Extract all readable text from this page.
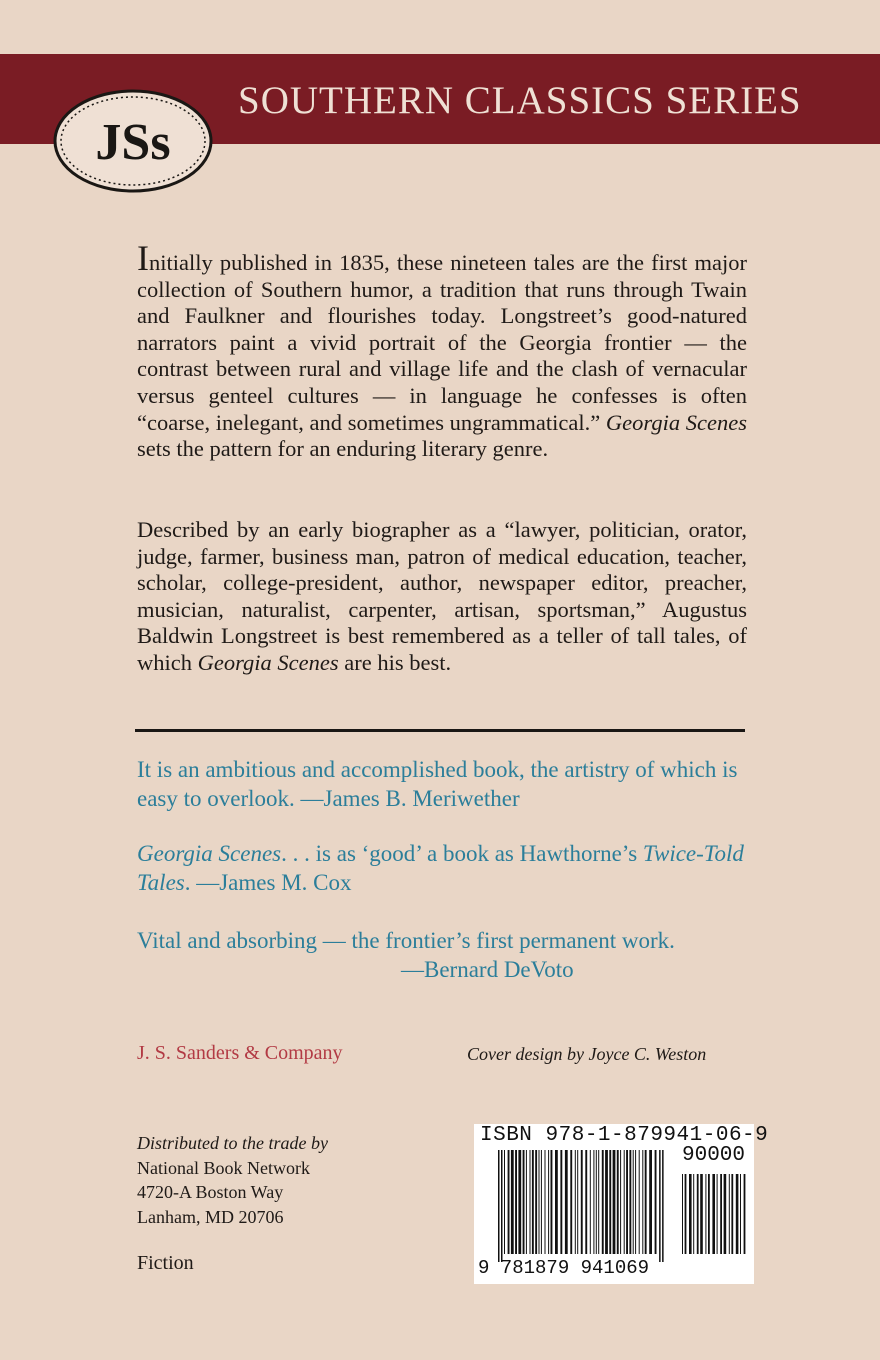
SOUTHERN CLASSICS SERIES
JSs

Initially published in 1835, these nineteen tales are the first major collection of Southern humor, a tradition that runs through Twain and Faulkner and flourishes today. Longstreet’s good-natured narrators paint a vivid portrait of the Georgia frontier — the contrast between rural and village life and the clash of vernacular versus genteel cultures — in language he confesses is often “coarse, inelegant, and sometimes ungrammatical.” Georgia Scenes sets the pattern for an enduring literary genre.

Described by an early biographer as a “lawyer, politician, orator, judge, farmer, business man, patron of medical education, teacher, scholar, college-president, author, newspaper editor, preacher, musician, naturalist, carpenter, artisan, sportsman,” Augustus Baldwin Longstreet is best remembered as a teller of tall tales, of which Georgia Scenes are his best.

It is an ambitious and accomplished book, the artistry of which is easy to overlook. —James B. Meriwether

Georgia Scenes. . . is as ‘good’ a book as Hawthorne’s Twice-Told Tales. —James M. Cox

Vital and absorbing — the frontier’s first permanent work.
—Bernard DeVoto

J. S. Sanders & Company	Cover design by Joyce C. Weston
Distributed to the trade by
National Book Network
4720-A Boston Way
Lanham, MD 20706
Fiction
ISBN 978-1-879941-06-9
90000
9 781879 941069
